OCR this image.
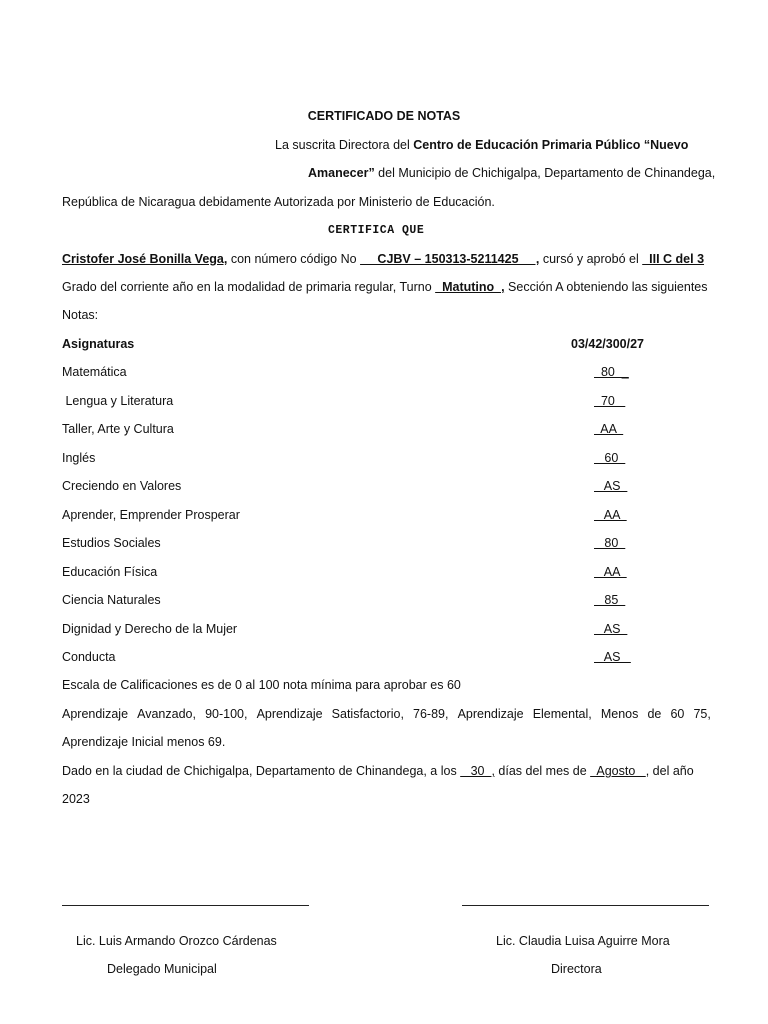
CERTIFICADO DE NOTAS
La suscrita Directora del Centro de Educación Primaria Público “Nuevo
Amanecer” del Municipio de Chichigalpa, Departamento de Chinandega,
República de Nicaragua debidamente Autorizada por Ministerio de Educación.
CERTIFICA QUE
Cristofer José Bonilla Vega, con número código No      CJBV – 150313-5211425     , cursó y aprobó el   III C del 3
Grado del corriente año en la modalidad de primaria regular, Turno   Matutino  , Sección A obteniendo las siguientes
Notas:
Asignaturas	03/42/300/27
Matemática	80  _
Lengua y Literatura	70
Taller, Arte y Cultura	AA
Inglés	60
Creciendo en Valores	AS
Aprender, Emprender Prosperar	AA
Estudios Sociales	80
Educación Física	AA
Ciencia Naturales	85
Dignidad y Derecho de la Mujer	AS
Conducta	AS
Escala de Calificaciones es de 0 al 100 nota mínima para aprobar es 60
Aprendizaje Avanzado, 90-100, Aprendizaje Satisfactorio, 76-89, Aprendizaje Elemental, Menos de 60 75,
Aprendizaje Inicial menos 69.
Dado en la ciudad de Chichigalpa, Departamento de Chinandega, a los    30  , días del mes de   Agosto   , del año
2023
Lic. Luis Armando Orozco Cárdenas
Delegado Municipal
Lic. Claudia Luisa Aguirre Mora
Directora
